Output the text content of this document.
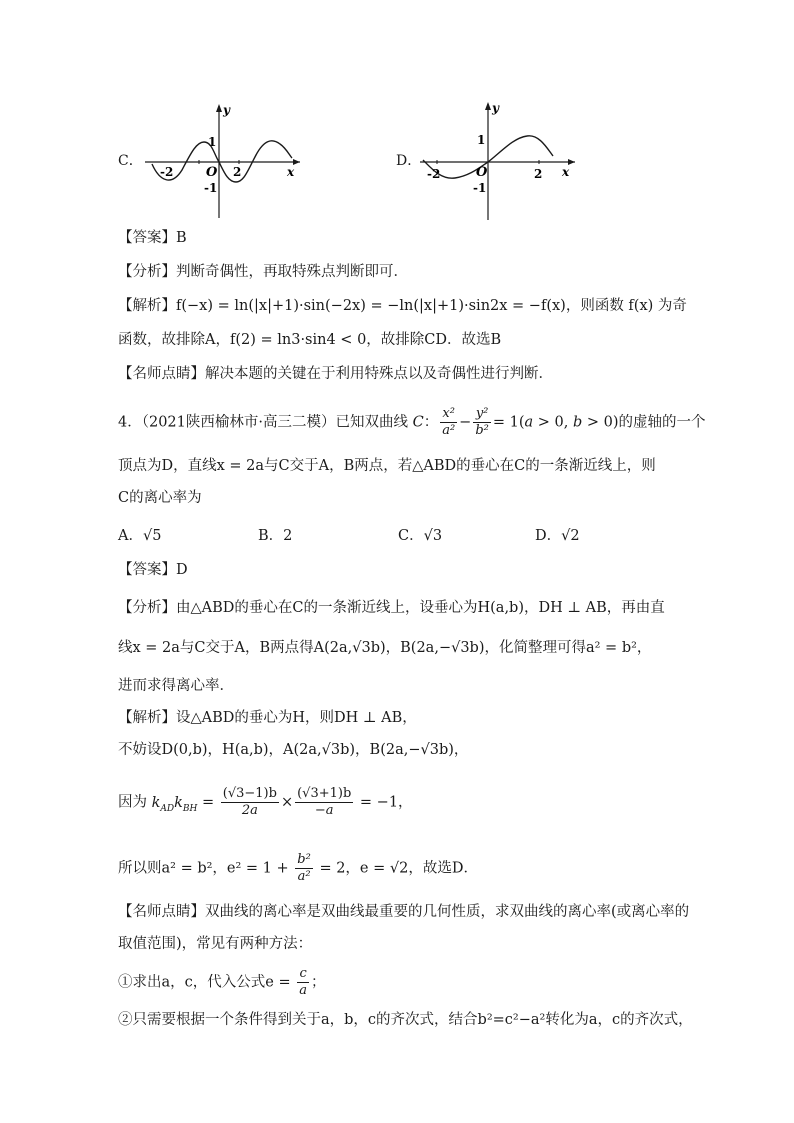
C．
y
x
O 2
-2
1
-1
D．
y
x
O	2
-2
1
-1
【答案】B
【分析】判断奇偶性，再取特殊点判断即可．
【解析】f(−x) = ln(|x|+1)·sin(−2x) = −ln(|x|+1)·sin2x = −f(x)，则函数 f(x) 为奇
函数，故排除A，f(2) = ln3·sin4 < 0，故排除CD．故选B
【名师点睛】解决本题的关键在于利用特殊点以及奇偶性进行判断．
4．（2021陕西榆林市·高三二模）已知双曲线 C： $\frac{\text{x²}}{\text{a²}} - \frac{\text{y²}}{\text{b²}} = 1(a > 0$, b > 0)的虚轴的一个
顶点为D，直线x = 2a与C交于A，B两点，若△ABD的垂心在C的一条渐近线上，则
C的离心率为
A．√5	B．2	C．√3	D．√2
【答案】D
【分析】由△ABD的垂心在C的一条渐近线上，设垂心为H(a,b)，DH ⊥ AB，再由直
线x = 2a与C交于A，B两点得A(2a,√3b)，B(2a,−√3b)，化简整理可得a² = b²，
进而求得离心率．
【解析】设△ABD的垂心为H，则DH ⊥ AB，
不妨设D(0,b)，H(a,b)，A(2a,√3b)，B(2a,−√3b)，
因为 $k_{AD}k_{BH} = \frac{(√3-1)b}{2a} \times \frac{(√3+1)b}{-a} = -1$，
所以则a² = b²，$e^2 = 1 + \frac{\text{b²}}{\text{a²}} = 2$，e = √2，故选D．
【名师点睛】双曲线的离心率是双曲线最重要的几何性质，求双曲线的离心率(或离心率的
取值范围)，常见有两种方法：
①求出a，c，代入公式$e = \frac{c}{a}$ ；
②只需要根据一个条件得到关于a，b，c的齐次式，结合b²=c²−a²转化为a，c的齐次式，
